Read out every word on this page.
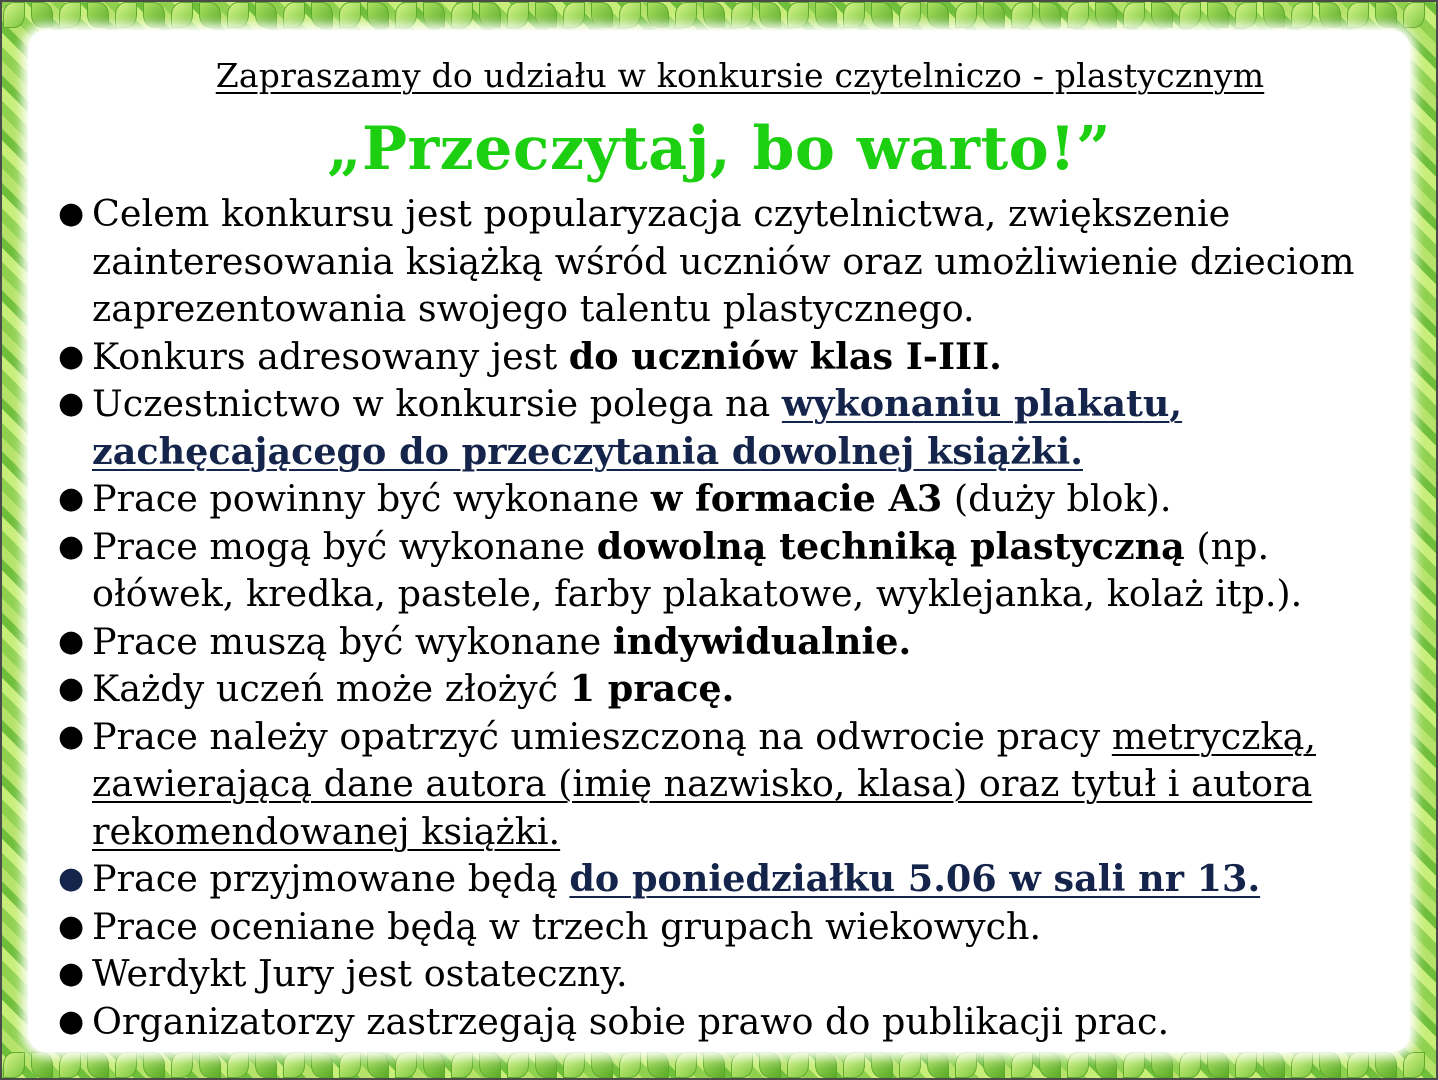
Zapraszamy do udziału w konkursie czytelniczo - plastycznym
„Przeczytaj, bo warto!”
● Celem konkursu jest popularyzacja czytelnictwa, zwiększenie zainteresowania książką wśród uczniów oraz umożliwienie dzieciom zaprezentowania swojego talentu plastycznego.
● Konkurs adresowany jest do uczniów klas I-III.
● Uczestnictwo w konkursie polega na wykonaniu plakatu, zachęcającego do przeczytania dowolnej książki.
● Prace powinny być wykonane w formacie A3 (duży blok).
● Prace mogą być wykonane dowolną techniką plastyczną (np. ołówek, kredka, pastele, farby plakatowe, wyklejanka, kolaż itp.).
● Prace muszą być wykonane indywidualnie.
● Każdy uczeń może złożyć 1 pracę.
● Prace należy opatrzyć umieszczoną na odwrocie pracy metryczką, zawierającą dane autora (imię nazwisko, klasa) oraz tytuł i autora rekomendowanej książki.
● Prace przyjmowane będą do poniedziałku 5.06 w sali nr 13.
● Prace oceniane będą w trzech grupach wiekowych.
● Werdykt Jury jest ostateczny.
● Organizatorzy zastrzegają sobie prawo do publikacji prac.
